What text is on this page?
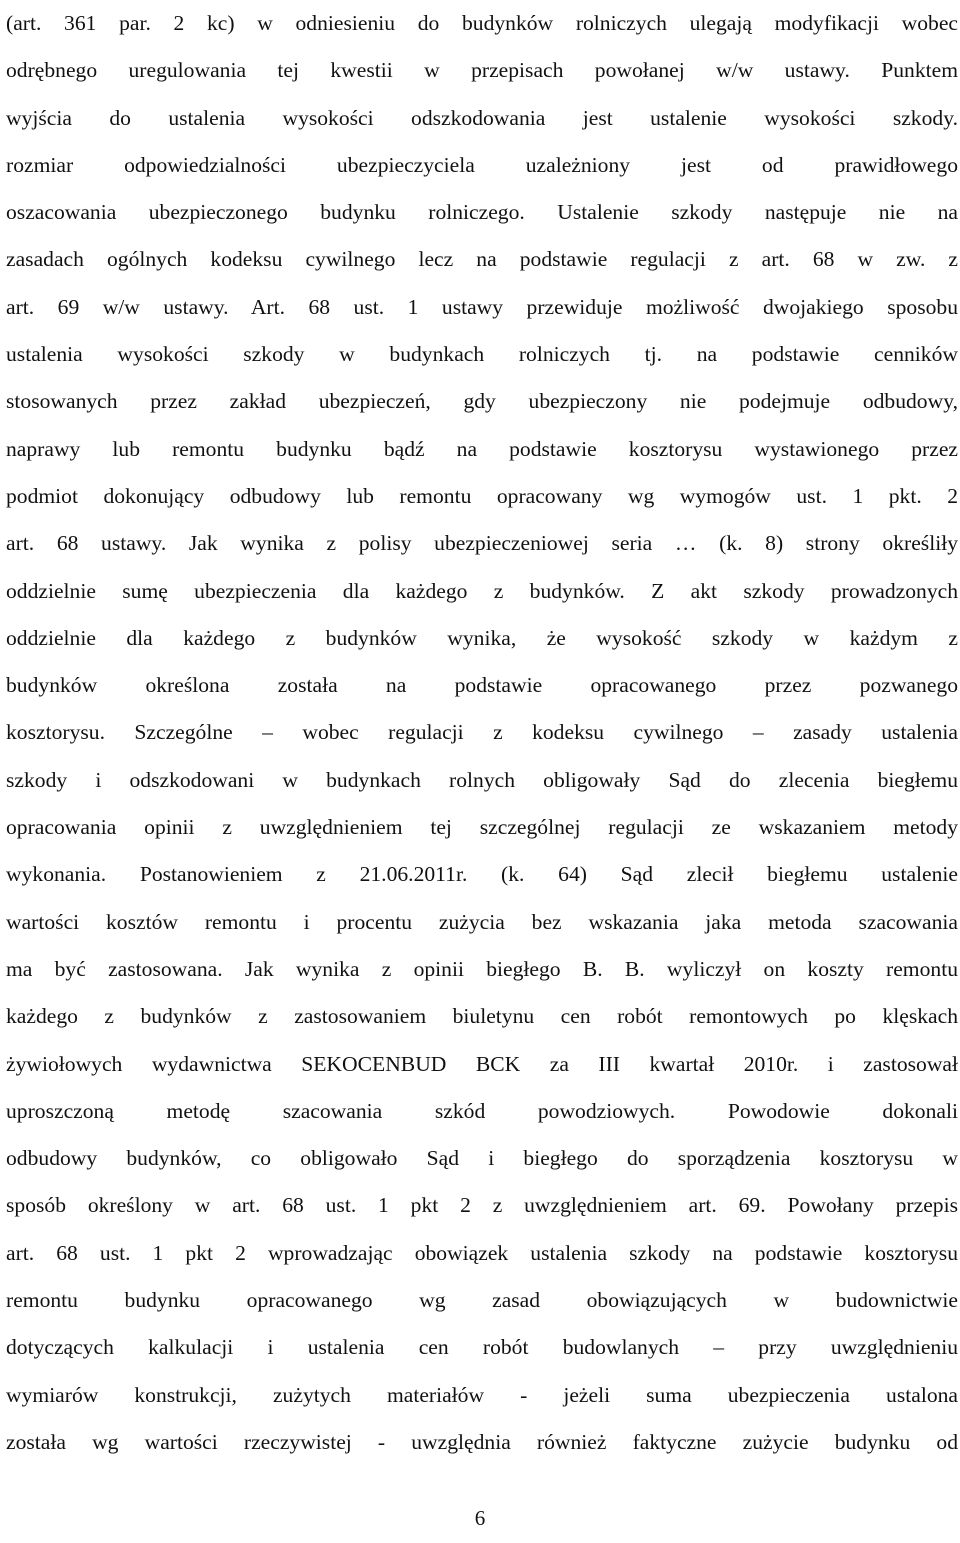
(art. 361 par. 2 kc) w odniesieniu do budynków rolniczych ulegają modyfikacji wobec
odrębnego uregulowania tej kwestii w przepisach powołanej w/w ustawy. Punktem
wyjścia do ustalenia wysokości odszkodowania jest ustalenie wysokości szkody.
rozmiar odpowiedzialności ubezpieczyciela uzależniony jest od prawidłowego
oszacowania ubezpieczonego budynku rolniczego. Ustalenie szkody następuje nie na
zasadach ogólnych kodeksu cywilnego lecz na podstawie regulacji z art. 68 w zw. z
art. 69 w/w ustawy. Art. 68 ust. 1 ustawy przewiduje możliwość dwojakiego sposobu
ustalenia wysokości szkody w budynkach rolniczych tj. na podstawie cenników
stosowanych przez zakład ubezpieczeń, gdy ubezpieczony nie podejmuje odbudowy,
naprawy lub remontu budynku bądź na podstawie kosztorysu wystawionego przez
podmiot dokonujący odbudowy lub remontu opracowany wg wymogów ust. 1 pkt. 2
art. 68 ustawy. Jak wynika z polisy ubezpieczeniowej seria … (k. 8) strony określiły
oddzielnie sumę ubezpieczenia dla każdego z budynków. Z akt szkody prowadzonych
oddzielnie dla każdego z budynków wynika, że wysokość szkody w każdym z
budynków określona została na podstawie opracowanego przez pozwanego
kosztorysu. Szczególne – wobec regulacji z kodeksu cywilnego – zasady ustalenia
szkody i odszkodowani w budynkach rolnych obligowały Sąd do zlecenia biegłemu
opracowania opinii z uwzględnieniem tej szczególnej regulacji ze wskazaniem metody
wykonania. Postanowieniem z 21.06.2011r. (k. 64) Sąd zlecił biegłemu ustalenie
wartości kosztów remontu i procentu zużycia bez wskazania jaka metoda szacowania
ma być zastosowana. Jak wynika z opinii biegłego B. B. wyliczył on koszty remontu
każdego z budynków z zastosowaniem biuletynu cen robót remontowych po klęskach
żywiołowych wydawnictwa SEKOCENBUD BCK za III kwartał 2010r. i zastosował
uproszczoną metodę szacowania szkód powodziowych. Powodowie dokonali
odbudowy budynków, co obligowało Sąd i biegłego do sporządzenia kosztorysu w
sposób określony w art. 68 ust. 1 pkt 2 z uwzględnieniem art. 69. Powołany przepis
art. 68 ust. 1 pkt 2 wprowadzając obowiązek ustalenia szkody na podstawie kosztorysu
remontu budynku opracowanego wg zasad obowiązujących w budownictwie
dotyczących kalkulacji i ustalenia cen robót budowlanych – przy uwzględnieniu
wymiarów konstrukcji, zużytych materiałów - jeżeli suma ubezpieczenia ustalona
została wg wartości rzeczywistej - uwzględnia również faktyczne zużycie budynku od
6
